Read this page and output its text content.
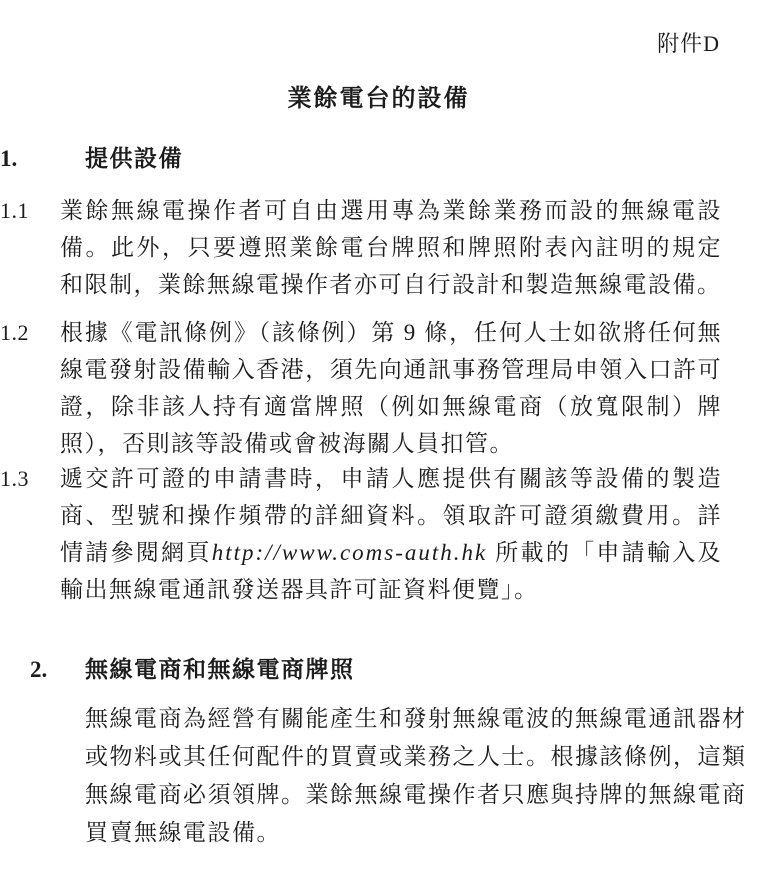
附件D
業餘電台的設備
1.	提供設備
1.1	業餘無線電操作者可自由選用專為業餘業務而設的無線電設
備。此外，只要遵照業餘電台牌照和牌照附表內註明的規定
和限制，業餘無線電操作者亦可自行設計和製造無線電設備。
1.2	根據《電訊條例》（該條例）第 9 條，任何人士如欲將任何無
線電發射設備輸入香港，須先向通訊事務管理局申領入口許可
證，除非該人持有適當牌照（例如無線電商（放寬限制）牌
照），否則該等設備或會被海關人員扣管。
1.3	遞交許可證的申請書時，申請人應提供有關該等設備的製造
商、型號和操作頻帶的詳細資料。領取許可證須繳費用。詳
情請參閱網頁http://www.coms-auth.hk 所載的「申請輸入及
輸出無線電通訊發送器具許可証資料便覽」。
2. 無線電商和無線電商牌照
無線電商為經營有關能產生和發射無線電波的無線電通訊器材
或物料或其任何配件的買賣或業務之人士。根據該條例，這類
無線電商必須領牌。業餘無線電操作者只應與持牌的無線電商
買賣無線電設備。
